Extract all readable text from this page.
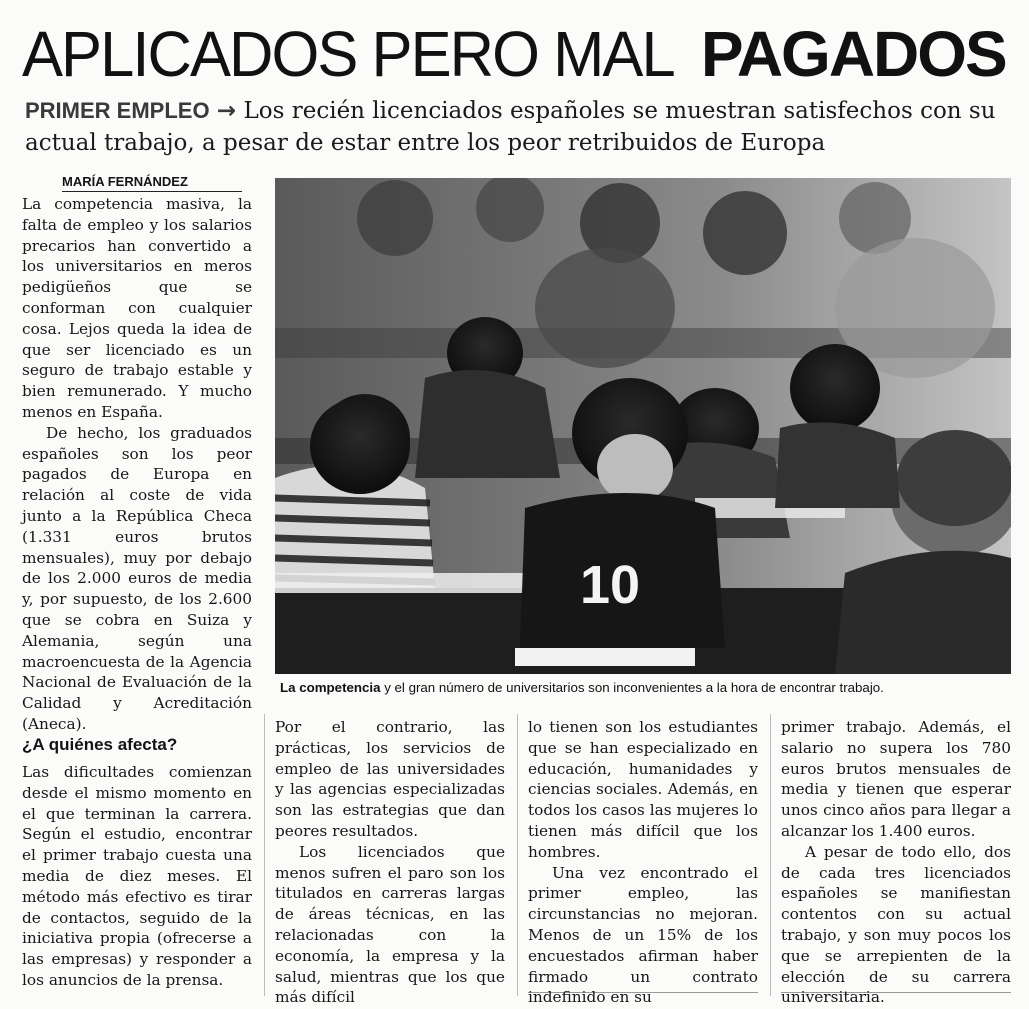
APLICADOS PERO MALPAGADOS
PRIMER EMPLEO → Los recién licenciados españoles se muestran satisfechos con su actual trabajo, a pesar de estar entre los peor retribuidos de Europa
MARÍA FERNÁNDEZ

La competencia masiva, la falta de empleo y los salarios precarios han convertido a los universitarios en meros pedigüeños que se conforman con cualquier cosa. Lejos queda la idea de que ser licenciado es un seguro de trabajo estable y bien remunerado. Y mucho menos en España.

De hecho, los graduados españoles son los peor pagados de Europa en relación al coste de vida junto a la República Checa (1.331 euros brutos mensuales), muy por debajo de los 2.000 euros de media y, por supuesto, de los 2.600 que se cobra en Suiza y Alemania, según una macroencuesta de la Agencia Nacional de Evaluación de la Calidad y Acreditación (Aneca).

¿A quiénes afecta?

Las dificultades comienzan desde el mismo momento en el que terminan la carrera. Según el estudio, encontrar el primer trabajo cuesta una media de diez meses. El método más efectivo es tirar de contactos, seguido de la iniciativa propia (ofrecerse a las empresas) y responder a los anuncios de la prensa.

10
La competencia y el gran número de universitarios son inconvenientes a la hora de encontrar trabajo.

Por el contrario, las prácticas, los servicios de empleo de las universidades y las agencias especializadas son las estrategias que dan peores resultados.

Los licenciados que menos sufren el paro son los titulados en carreras largas de áreas técnicas, en las relacionadas con la economía, la empresa y la salud, mientras que los que más difícil

lo tienen son los estudiantes que se han especializado en educación, humanidades y ciencias sociales. Además, en todos los casos las mujeres lo tienen más difícil que los hombres.

Una vez encontrado el primer empleo, las circunstancias no mejoran. Menos de un 15% de los encuestados afirman haber firmado un contrato indefinido en su

primer trabajo. Además, el salario no supera los 780 euros brutos mensuales de media y tienen que esperar unos cinco años para llegar a alcanzar los 1.400 euros.

A pesar de todo ello, dos de cada tres licenciados españoles se manifiestan contentos con su actual trabajo, y son muy pocos los que se arrepienten de la elección de su carrera universitaria.
